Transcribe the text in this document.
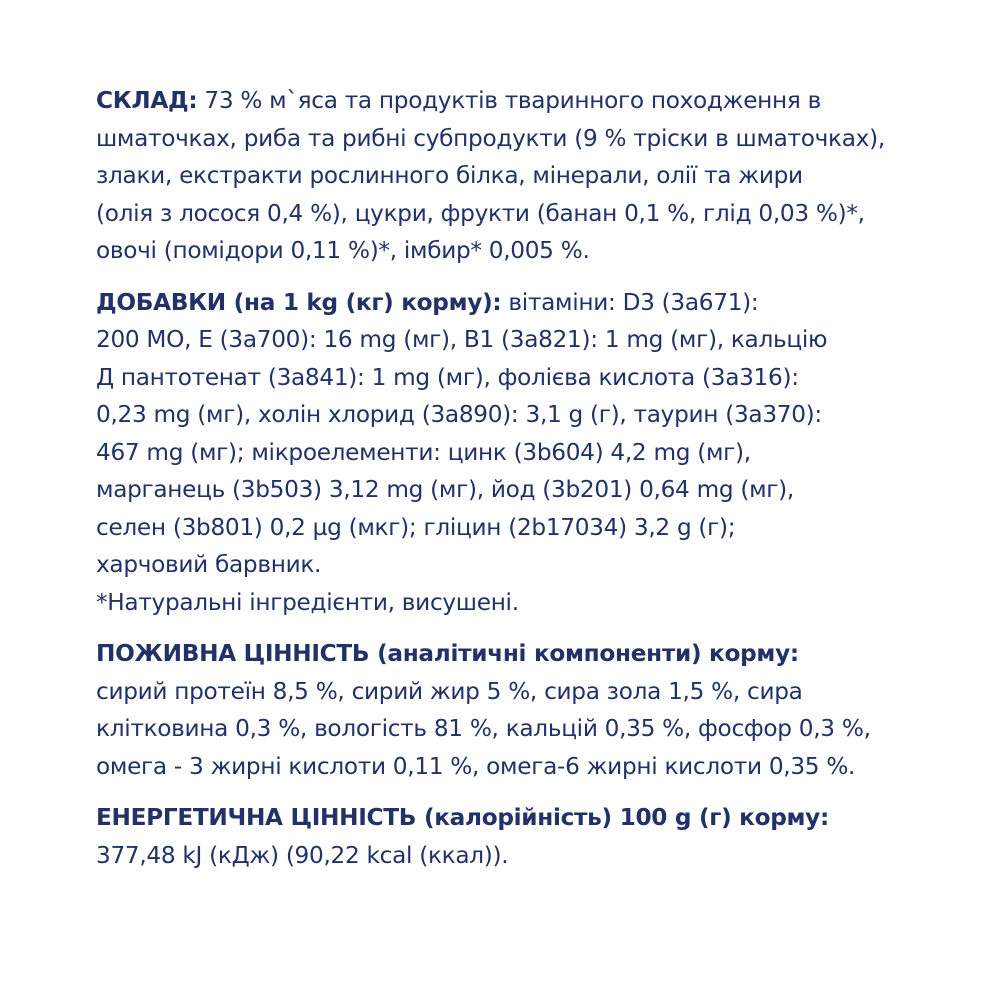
СКЛАД: 73 % м`яса та продуктів тваринного походження в
шматочках, риба та рибні субпродукти (9 % тріски в шматочках),
злаки, екстракти рослинного білка, мінерали, олії та жири
(олія з лосося 0,4 %), цукри, фрукти (банан 0,1 %, глід 0,03 %)*,
овочі (помідори 0,11 %)*, імбир* 0,005 %.
ДОБАВКИ (на 1 kg (кг) корму): вітаміни: D3 (3а671):
200 МО, Е (3а700): 16 mg (мг), В1 (3а821): 1 mg (мг), кальцію
Д пантотенат (3а841): 1 mg (мг), фолієва кислота (3а316):
0,23 mg (мг), холін хлорид (3а890): 3,1 g (г), таурин (3а370):
467 mg (мг); мікроелементи: цинк (3b604) 4,2 mg (мг),
марганець (3b503) 3,12 mg (мг), йод (3b201) 0,64 mg (мг),
селен (3b801) 0,2 µg (мкг); гліцин (2b17034) 3,2 g (г);
харчовий барвник.
*Натуральні інгредієнти, висушені.
ПОЖИВНА ЦІННІСТЬ (аналітичні компоненти) корму:
сирий протеїн 8,5 %, сирий жир 5 %, сира зола 1,5 %, сира
клітковина 0,3 %, вологість 81 %, кальцій 0,35 %, фосфор 0,3 %,
омега - 3 жирні кислоти 0,11 %, омега-6 жирні кислоти 0,35 %.
ЕНЕРГЕТИЧНА ЦІННІСТЬ (калорійність) 100 g (г) корму:
377,48 kJ (кДж) (90,22 kcal (ккал)).
